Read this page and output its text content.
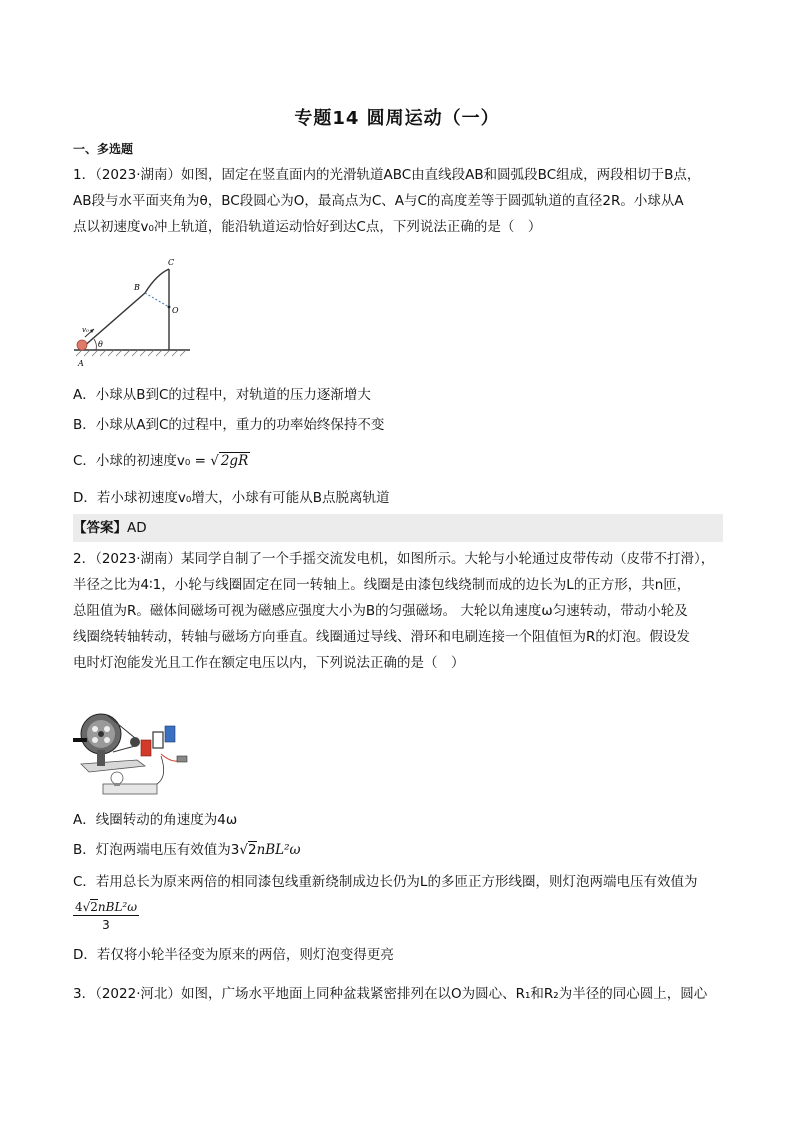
专题14 圆周运动（一）
一、多选题
1．（2023·湖南）如图，固定在竖直面内的光滑轨道ABC由直线段AB和圆弧段BC组成，两段相切于B点，
AB段与水平面夹角为θ，BC段圆心为O，最高点为C、A与C的高度差等于圆弧轨道的直径2R。小球从A
点以初速度v₀冲上轨道，能沿轨道运动恰好到达C点，下列说法正确的是（　）
A
B
C
O
θ
v₀
A．小球从B到C的过程中，对轨道的压力逐渐增大
B．小球从A到C的过程中，重力的功率始终保持不变
C．小球的初速度v₀ = √ 2gR
D．若小球初速度v₀增大，小球有可能从B点脱离轨道
【答案】AD
2．（2023·湖南）某同学自制了一个手摇交流发电机，如图所示。大轮与小轮通过皮带传动（皮带不打滑），
半径之比为4∶1，小轮与线圈固定在同一转轴上。线圈是由漆包线绕制而成的边长为L的正方形，共n匝，
总阻值为R。磁体间磁场可视为磁感应强度大小为B的匀强磁场。 大轮以角速度ω匀速转动，带动小轮及
线圈绕转轴转动，转轴与磁场方向垂直。线圈通过导线、滑环和电刷连接一个阻值恒为R的灯泡。假设发
电时灯泡能发光且工作在额定电压以内，下列说法正确的是（　）
A．线圈转动的角速度为4ω
B．灯泡两端电压有效值为3√2nBL²ω
C．若用总长为原来两倍的相同漆包线重新绕制成边长仍为L的多匝正方形线圈，则灯泡两端电压有效值为
4√2nBL²ω
3
D．若仅将小轮半径变为原来的两倍，则灯泡变得更亮
3．（2022·河北）如图，广场水平地面上同种盆栽紧密排列在以O为圆心、R₁和R₂为半径的同心圆上，圆心
